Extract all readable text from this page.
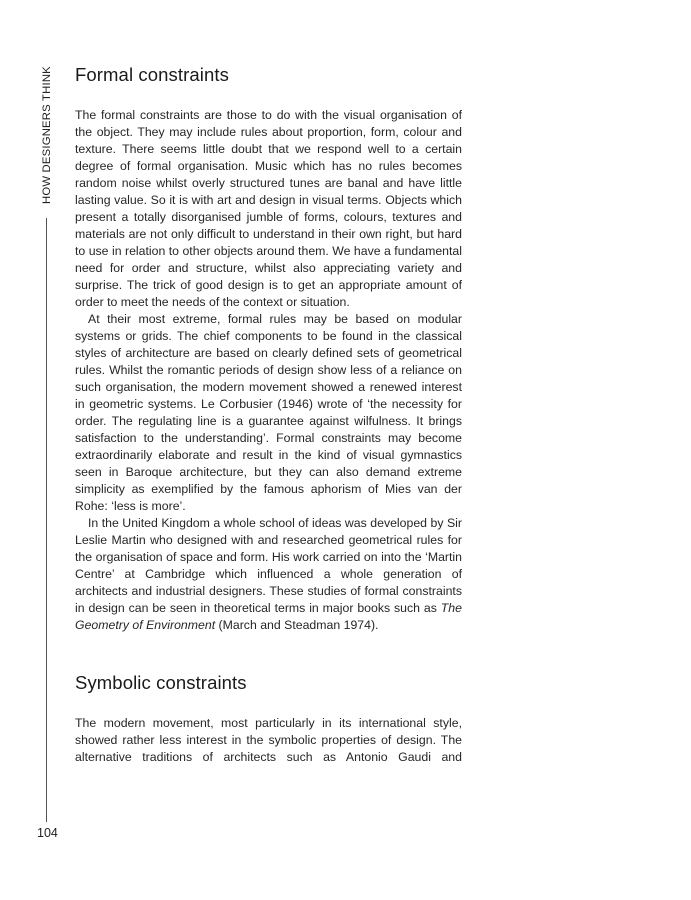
HOW DESIGNERS THINK
104
Formal constraints

The formal constraints are those to do with the visual organisation of the object. They may include rules about proportion, form, colour and texture. There seems little doubt that we respond well to a certain degree of formal organisation. Music which has no rules becomes random noise whilst overly structured tunes are banal and have little lasting value. So it is with art and design in visual terms. Objects which present a totally disorganised jumble of forms, colours, textures and materials are not only difficult to understand in their own right, but hard to use in relation to other objects around them. We have a fundamental need for order and structure, whilst also appreciating variety and surprise. The trick of good design is to get an appropriate amount of order to meet the needs of the context or situation.

At their most extreme, formal rules may be based on modular systems or grids. The chief components to be found in the classical styles of architecture are based on clearly defined sets of geometrical rules. Whilst the romantic periods of design show less of a reliance on such organisation, the modern movement showed a renewed interest in geometric systems. Le Corbusier (1946) wrote of ‘the necessity for order. The regulating line is a guarantee against wilfulness. It brings satisfaction to the understanding’. Formal constraints may become extraordinarily elaborate and result in the kind of visual gymnastics seen in Baroque architecture, but they can also demand extreme simplicity as exemplified by the famous aphorism of Mies van der Rohe: ‘less is more’.

In the United Kingdom a whole school of ideas was developed by Sir Leslie Martin who designed with and researched geometrical rules for the organisation of space and form. His work carried on into the ‘Martin Centre’ at Cambridge which influenced a whole generation of architects and industrial designers. These studies of formal constraints in design can be seen in theoretical terms in major books such as The Geometry of Environment (March and Steadman 1974).

Symbolic constraints

The modern movement, most particularly in its international style, showed rather less interest in the symbolic properties of design. The alternative traditions of architects such as Antonio Gaudi and
